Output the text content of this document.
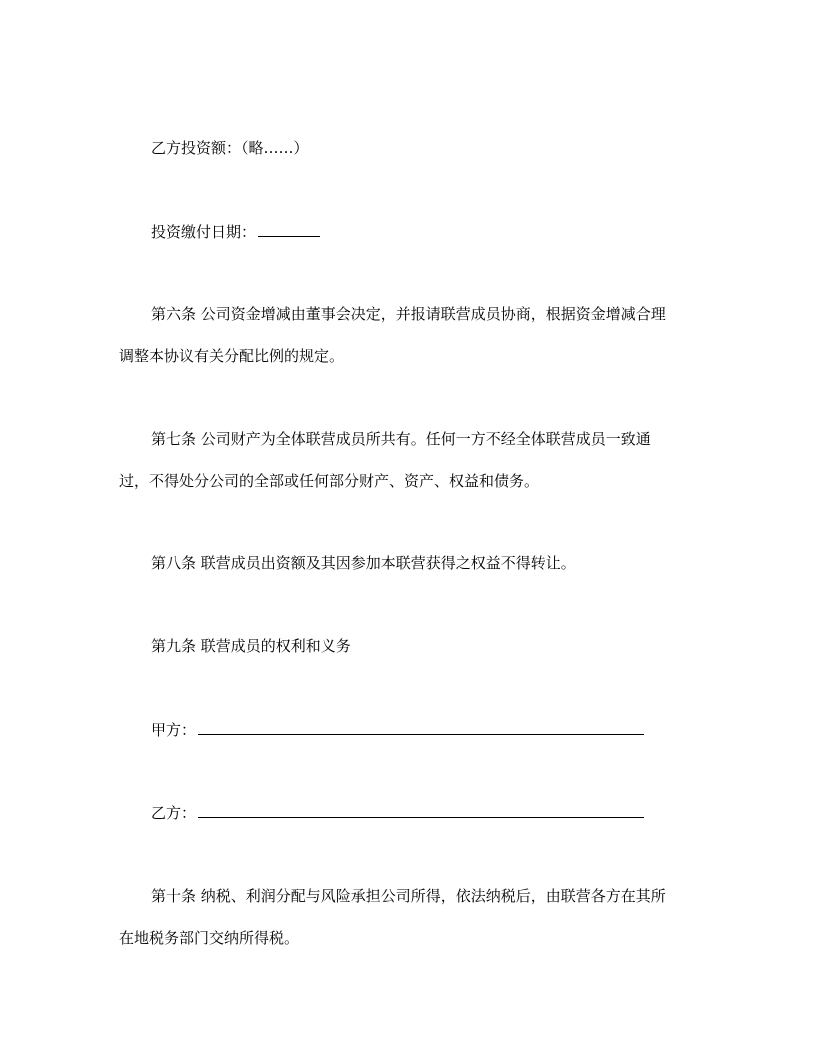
乙方投资额：（略……）
投资缴付日期：
第六条 公司资金增减由董事会决定，并报请联营成员协商，根据资金增减合理
调整本协议有关分配比例的规定。
第七条 公司财产为全体联营成员所共有。任何一方不经全体联营成员一致通
过，不得处分公司的全部或任何部分财产、资产、权益和债务。
第八条 联营成员出资额及其因参加本联营获得之权益不得转让。
第九条 联营成员的权利和义务
甲方：
乙方：
第十条 纳税、利润分配与风险承担公司所得，依法纳税后，由联营各方在其所
在地税务部门交纳所得税。
